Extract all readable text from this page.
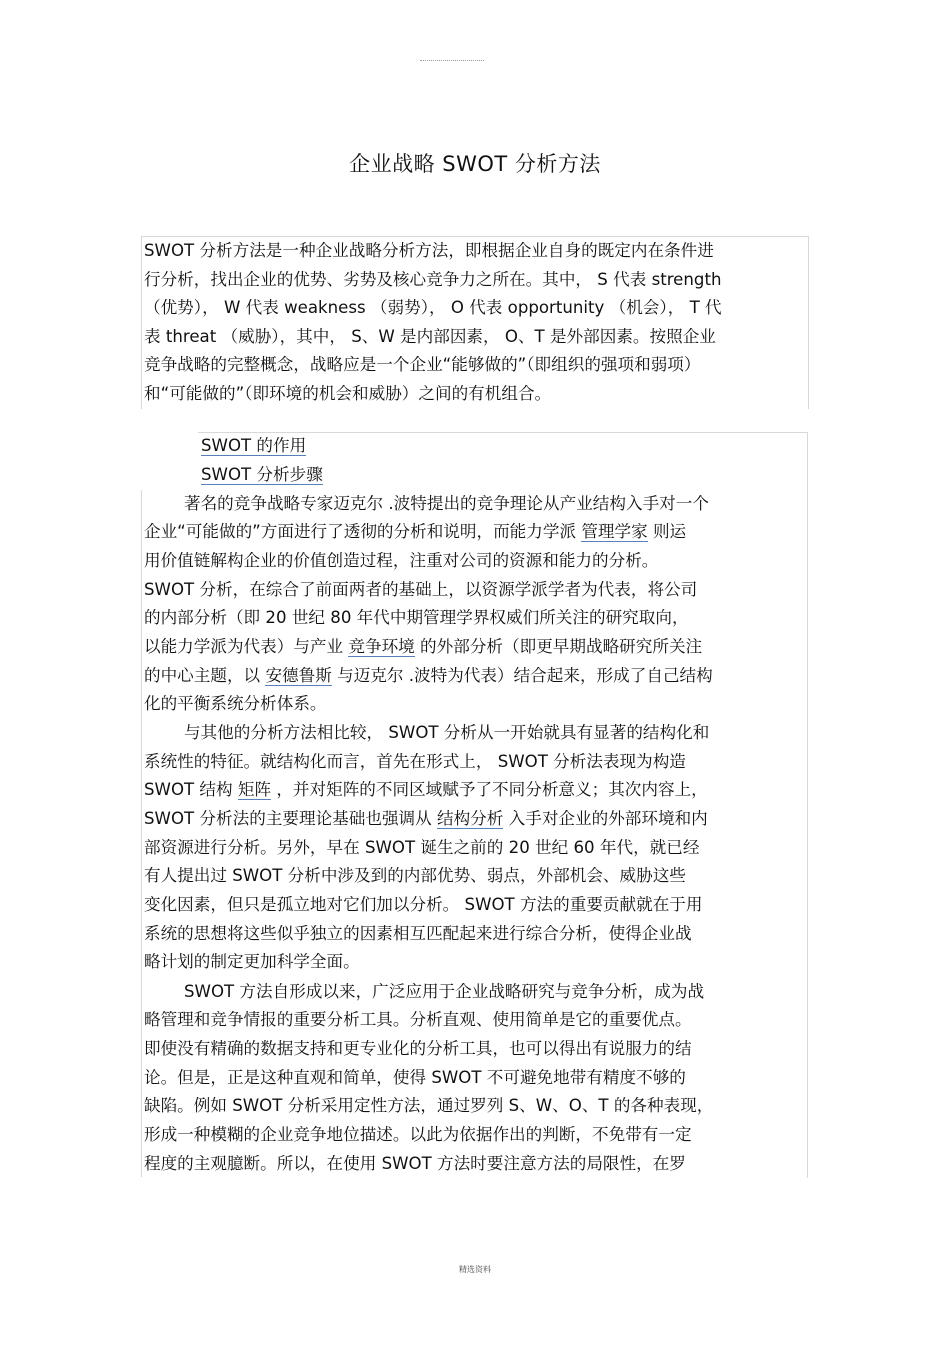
企业战略 SWOT 分析方法
SWOT 分析方法是一种企业战略分析方法，即根据企业自身的既定内在条件进
行分析，找出企业的优势、劣势及核心竞争力之所在。其中， S 代表 strength
（优势）， W 代表 weakness （弱势）， O 代表 opportunity （机会）， T 代
表 threat （威胁），其中， S、W 是内部因素， O、T 是外部因素。按照企业
竞争战略的完整概念，战略应是一个企业“能够做的”（即组织的强项和弱项）
和“可能做的”（即环境的机会和威胁）之间的有机组合。
SWOT 的作用
SWOT 分析步骤
著名的竞争战略专家迈克尔 .波特提出的竞争理论从产业结构入手对一个
企业“可能做的”方面进行了透彻的分析和说明，而能力学派 管理学家 则运
用价值链解构企业的价值创造过程，注重对公司的资源和能力的分析。
SWOT 分析，在综合了前面两者的基础上，以资源学派学者为代表，将公司
的内部分析（即 20 世纪 80 年代中期管理学界权威们所关注的研究取向，
以能力学派为代表）与产业 竞争环境 的外部分析（即更早期战略研究所关注
的中心主题，以 安德鲁斯 与迈克尔 .波特为代表）结合起来，形成了自己结构
化的平衡系统分析体系。
与其他的分析方法相比较， SWOT 分析从一开始就具有显著的结构化和
系统性的特征。就结构化而言，首先在形式上， SWOT 分析法表现为构造
SWOT 结构 矩阵 ，并对矩阵的不同区域赋予了不同分析意义；其次内容上，
SWOT 分析法的主要理论基础也强调从 结构分析 入手对企业的外部环境和内
部资源进行分析。另外，早在 SWOT 诞生之前的 20 世纪 60 年代，就已经
有人提出过 SWOT 分析中涉及到的内部优势、弱点，外部机会、威胁这些
变化因素，但只是孤立地对它们加以分析。 SWOT 方法的重要贡献就在于用
系统的思想将这些似乎独立的因素相互匹配起来进行综合分析，使得企业战
略计划的制定更加科学全面。
SWOT 方法自形成以来，广泛应用于企业战略研究与竞争分析，成为战
略管理和竞争情报的重要分析工具。分析直观、使用简单是它的重要优点。
即使没有精确的数据支持和更专业化的分析工具，也可以得出有说服力的结
论。但是，正是这种直观和简单，使得 SWOT 不可避免地带有精度不够的
缺陷。例如 SWOT 分析采用定性方法，通过罗列 S、W、O、T 的各种表现，
形成一种模糊的企业竞争地位描述。以此为依据作出的判断，不免带有一定
程度的主观臆断。所以，在使用 SWOT 方法时要注意方法的局限性，在罗
精选资料
